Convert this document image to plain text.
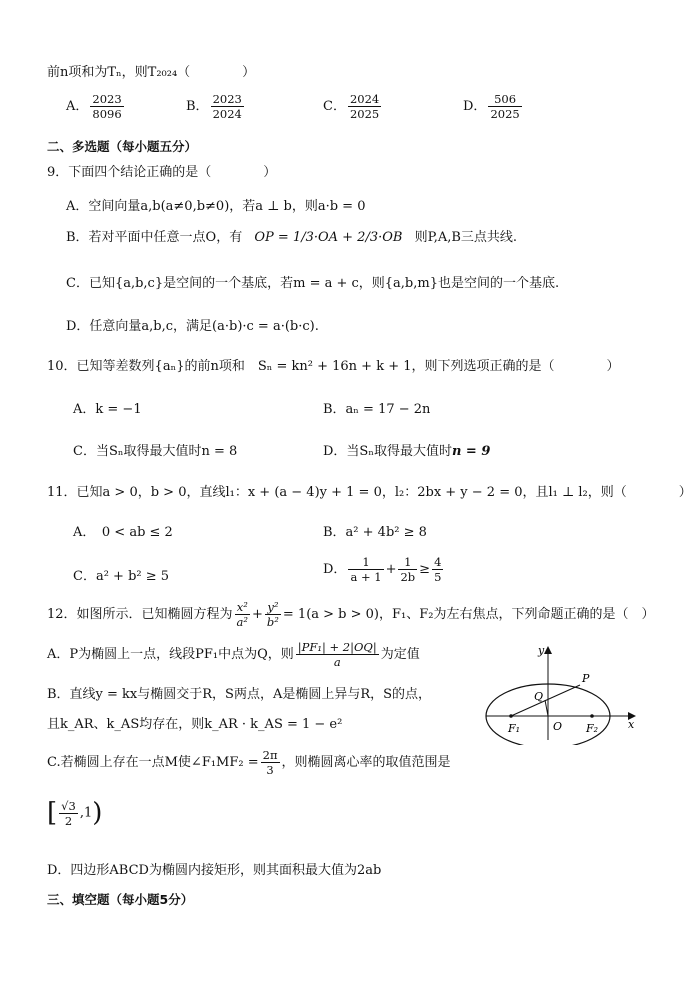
前n项和为Tₙ，则T₂₀₂₄（　　　　）
A． $\frac{2023}{8096}$	B． $\frac{2023}{2024}$	C． $\frac{2024}{2025}$	D． $\frac{506}{2025}$
二、多选题（每小题五分）
9．下面四个结论正确的是（　　　　）
A．空间向量a,b(a≠0,b≠0)，若a ⊥ b，则a·b = 0
B．若对平面中任意一点O，有 OP = 1/3·OA + 2/3·OB 则P,A,B三点共线.
C．已知{a,b,c}是空间的一个基底，若m = a + c，则{a,b,m}也是空间的一个基底.
D．任意向量a,b,c，满足(a·b)·c = a·(b·c).
10．已知等差数列{aₙ}的前n项和　Sₙ = kn² + 16n + k + 1，则下列选项正确的是（　　　　）
A．k = −1	B．aₙ = 17 − 2n
C．当Sₙ取得最大值时n = 8	D．当Sₙ取得最大值时n = 9
11．已知a > 0，b > 0，直线l₁：x + (a − 4)y + 1 = 0，l₂：2bx + y − 2 = 0，且l₁ ⊥ l₂，则（　　　　）
A．　0 < ab ≤ 2	B．a² + 4b² ≥ 8
C．a² + b² ≥ 5	D． $\frac{1}{a + 1} + \frac{1}{2b} \ge \frac{4}{5}$
12．如图所示．已知椭圆方程为 $\frac{\text{x²}}{\text{a²}} + \frac{\text{y²}}{\text{b²}} = 1(a > b > 0)$，F₁、F₂为左右焦点，下列命题正确的是（　）
A．P为椭圆上一点，线段PF₁中点为Q，则 $\frac{\text{|PF₁| + 2|OQ|}}{a}$ 为定值
B．直线y = kx与椭圆交于R，S两点，A是椭圆上异与R，S的点，
且k_AR、k_AS均存在，则k_AR · k_AS = 1 − e²
C.若椭圆上存在一点M使∠F₁MF₂ = $\frac{2\pi}{3}$ ，则椭圆离心率的取值范围是
[ $\frac{√3}{2} ,1$)
D．四边形ABCD为椭圆内接矩形，则其面积最大值为2ab
y
x
P
Q
O
F₁	F₂
三、填空题（每小题5分）
